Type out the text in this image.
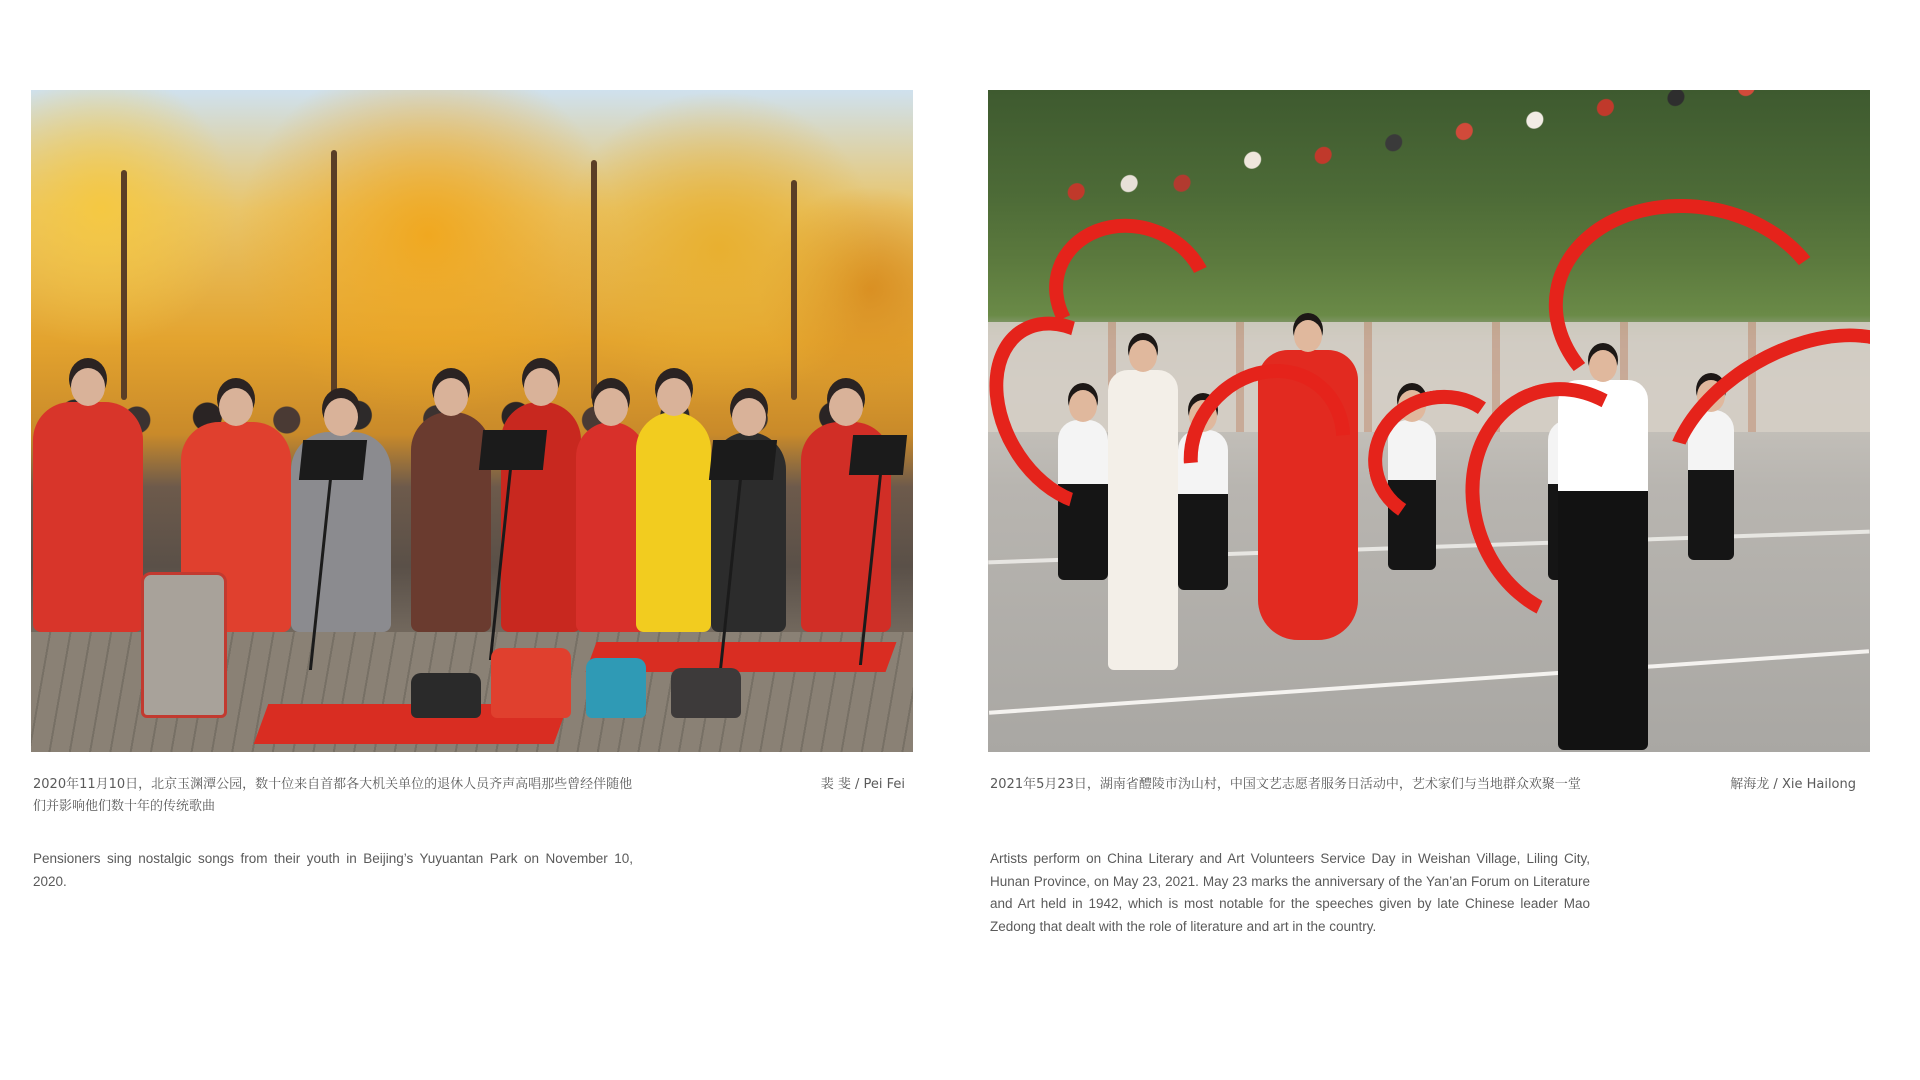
2020年11月10日，北京玉渊潭公园，数十位来自首都各大机关单位的退休人员齐声高唱那些曾经伴随他们并影响他们数十年的传统歌曲
裴 斐 / Pei Fei
Pensioners sing nostalgic songs from their youth in Beijing’s Yuyuantan Park on November 10, 2020.
2021年5月23日，湖南省醴陵市沩山村，中国文艺志愿者服务日活动中，艺术家们与当地群众欢聚一堂	解海龙 / Xie Hailong
Artists perform on China Literary and Art Volunteers Service Day in Weishan Village, Liling City, Hunan Province, on May 23, 2021. May 23 marks the anniversary of the Yan’an Forum on Literature and Art held in 1942, which is most notable for the speeches given by late Chinese leader Mao Zedong that dealt with the role of literature and art in the country.
